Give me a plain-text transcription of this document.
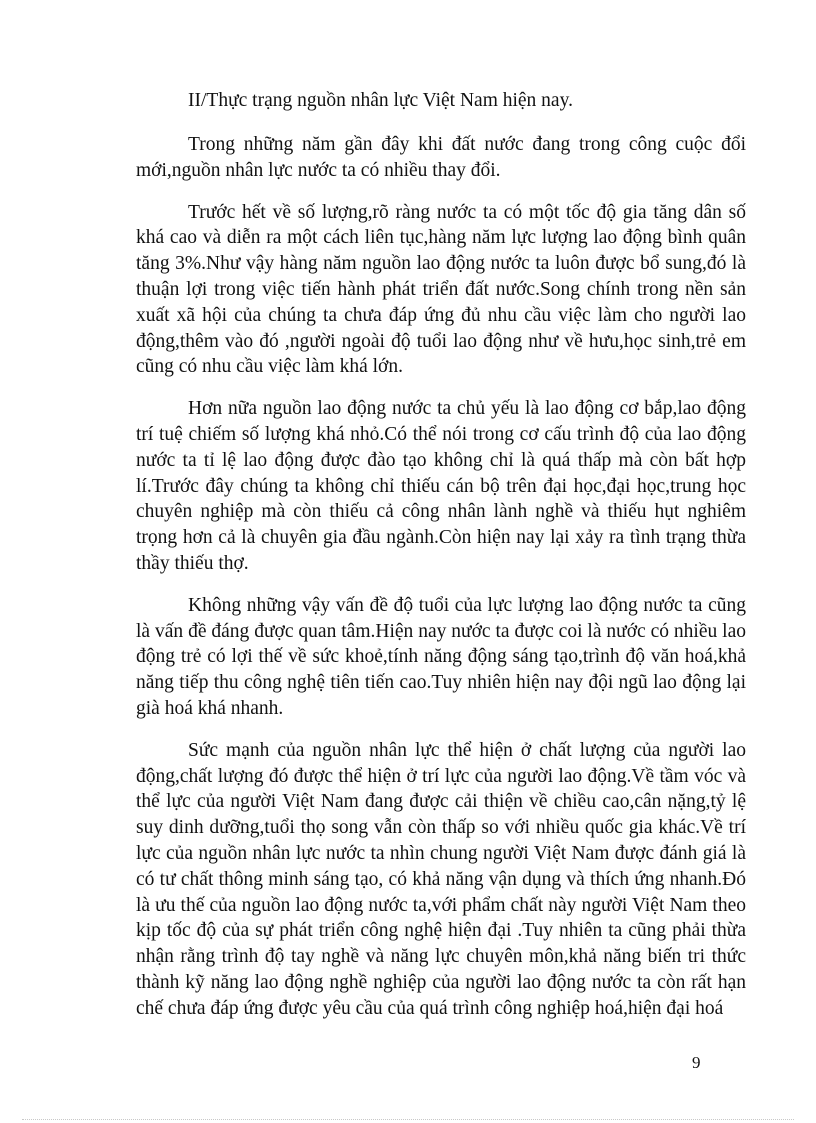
II/Thực trạng nguồn nhân lực Việt Nam hiện nay.

Trong những năm gần đây khi đất nước đang trong công cuộc đổi mới,nguồn nhân lực nước ta có nhiều thay đổi.

Trước hết về số lượng,rõ ràng nước ta có một tốc độ gia tăng dân số khá cao và diễn ra một cách liên tục,hàng năm lực lượng lao động bình quân tăng 3%.Như vậy hàng năm nguồn lao động nước ta luôn được bổ sung,đó là thuận lợi trong việc tiến hành phát triển đất nước.Song chính trong nền sản xuất xã hội của chúng ta chưa đáp ứng đủ nhu cầu việc làm cho người lao động,thêm vào đó ,người ngoài độ tuổi lao động như về hưu,học sinh,trẻ em cũng có nhu cầu việc làm khá lớn.

Hơn nữa nguồn lao động nước ta chủ yếu là lao động cơ bắp,lao động trí tuệ chiếm số lượng khá nhỏ.Có thể nói trong cơ cấu trình độ của lao động nước ta tỉ lệ lao động được đào tạo không chỉ là quá thấp mà còn bất hợp lí.Trước đây chúng ta không chỉ thiếu cán bộ trên đại học,đại học,trung học chuyên nghiệp mà còn thiếu cả công nhân lành nghề và thiếu hụt nghiêm trọng hơn cả là chuyên gia đầu ngành.Còn hiện nay lại xảy ra tình trạng thừa thầy thiếu thợ.

Không những vậy vấn đề độ tuổi của lực lượng lao động nước ta cũng là vấn đề đáng được quan tâm.Hiện nay nước ta được coi là nước có nhiều lao động trẻ có lợi thế về sức khoẻ,tính năng động sáng tạo,trình độ văn hoá,khả năng tiếp thu công nghệ tiên tiến cao.Tuy nhiên hiện nay đội ngũ lao động lại già hoá khá nhanh.

Sức mạnh của nguồn nhân lực thể hiện ở chất lượng của người lao động,chất lượng đó được thể hiện ở trí lực của người lao động.Về tầm vóc và thể lực của người Việt Nam đang được cải thiện về chiều cao,cân nặng,tỷ lệ suy dinh dưỡng,tuổi thọ song vẫn còn thấp so với nhiều quốc gia khác.Về trí lực của nguồn nhân lực nước ta nhìn chung người Việt Nam được đánh giá là có tư chất thông minh sáng tạo, có khả năng vận dụng và thích ứng nhanh.Đó là ưu thế của nguồn lao động nước ta,với phẩm chất này người Việt Nam theo kịp tốc độ của sự phát triển công nghệ hiện đại .Tuy nhiên ta cũng phải thừa nhận rằng trình độ tay nghề và năng lực chuyên môn,khả năng biến tri thức thành kỹ năng lao động nghề nghiệp của người lao động nước ta còn rất hạn chế chưa đáp ứng được yêu cầu của quá trình công nghiệp hoá,hiện đại hoá

9
